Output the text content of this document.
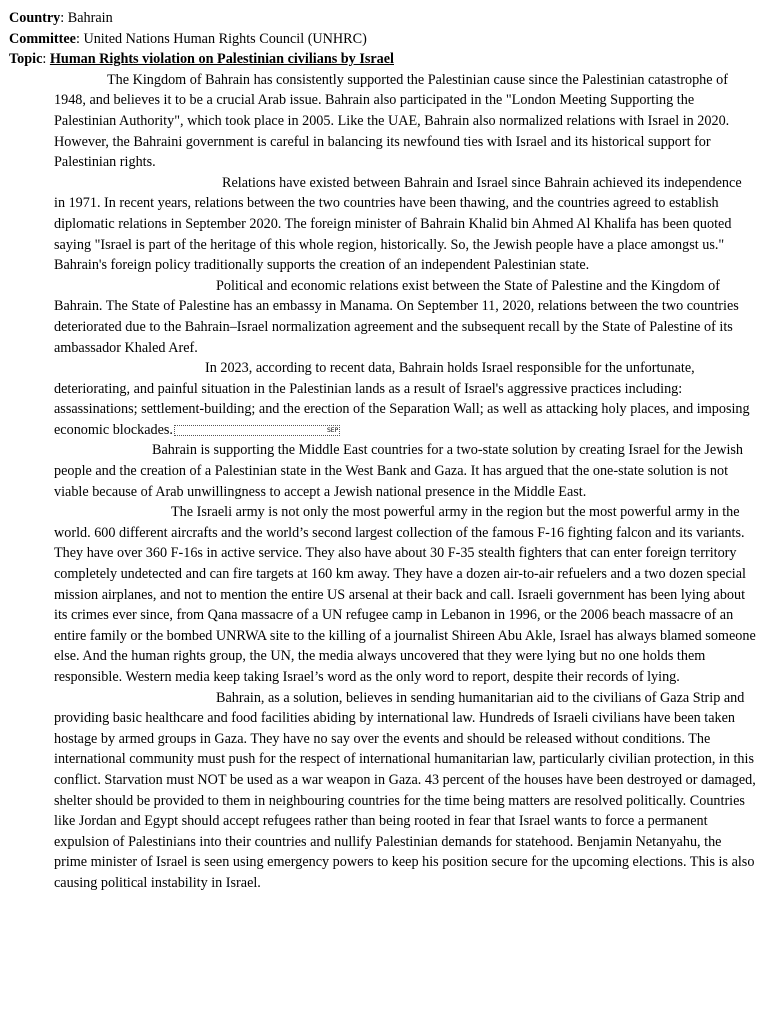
Country: Bahrain

Committee: United Nations Human Rights Council (UNHRC)

Topic: Human Rights violation on Palestinian civilians by Israel

The Kingdom of Bahrain has consistently supported the Palestinian cause since the Palestinian catastrophe of 1948, and believes it to be a crucial Arab issue. Bahrain also participated in the "London Meeting Supporting the Palestinian Authority", which took place in 2005. Like the UAE, Bahrain also normalized relations with Israel in 2020. However, the Bahraini government is careful in balancing its newfound ties with Israel and its historical support for Palestinian rights.

Relations have existed between Bahrain and Israel since Bahrain achieved its independence in 1971. In recent years, relations between the two countries have been thawing, and the countries agreed to establish diplomatic relations in September 2020. The foreign minister of Bahrain Khalid bin Ahmed Al Khalifa has been quoted saying "Israel is part of the heritage of this whole region, historically. So, the Jewish people have a place amongst us." Bahrain's foreign policy traditionally supports the creation of an independent Palestinian state.

Political and economic relations exist between the State of Palestine and the Kingdom of Bahrain. The State of Palestine has an embassy in Manama. On September 11, 2020, relations between the two countries deteriorated due to the Bahrain–Israel normalization agreement and the subsequent recall by the State of Palestine of its ambassador Khaled Aref.

In 2023, according to recent data, Bahrain holds Israel responsible for the unfortunate, deteriorating, and painful situation in the Palestinian lands as a result of Israel's aggressive practices including: assassinations; settlement-building; and the erection of the Separation Wall; as well as attacking holy places, and imposing economic blockades.	SEP

Bahrain is supporting the Middle East countries for a two-state solution by creating Israel for the Jewish people and the creation of a Palestinian state in the West Bank and Gaza. It has argued that the one-state solution is not viable because of Arab unwillingness to accept a Jewish national presence in the Middle East.

The Israeli army is not only the most powerful army in the region but the most powerful army in the world. 600 different aircrafts and the world’s second largest collection of the famous F-16 fighting falcon and its variants. They have over 360 F-16s in active service. They also have about 30 F-35 stealth fighters that can enter foreign territory completely undetected and can fire targets at 160 km away. They have a dozen air-to-air refuelers and a two dozen special mission airplanes, and not to mention the entire US arsenal at their back and call. Israeli government has been lying about its crimes ever since, from Qana massacre of a UN refugee camp in Lebanon in 1996, or the 2006 beach massacre of an entire family or the bombed UNRWA site to the killing of a journalist Shireen Abu Akle, Israel has always blamed someone else. And the human rights group, the UN, the media always uncovered that they were lying but no one holds them responsible. Western media keep taking Israel’s word as the only word to report, despite their records of lying.

Bahrain, as a solution, believes in sending humanitarian aid to the civilians of Gaza Strip and providing basic healthcare and food facilities abiding by international law. Hundreds of Israeli civilians have been taken hostage by armed groups in Gaza. They have no say over the events and should be released without conditions. The international community must push for the respect of international humanitarian law, particularly civilian protection, in this conflict. Starvation must NOT be used as a war weapon in Gaza. 43 percent of the houses have been destroyed or damaged, shelter should be provided to them in neighbouring countries for the time being matters are resolved politically. Countries like Jordan and Egypt should accept refugees rather than being rooted in fear that Israel wants to force a permanent expulsion of Palestinians into their countries and nullify Palestinian demands for statehood. Benjamin Netanyahu, the prime minister of Israel is seen using emergency powers to keep his position secure for the upcoming elections. This is also causing political instability in Israel.
